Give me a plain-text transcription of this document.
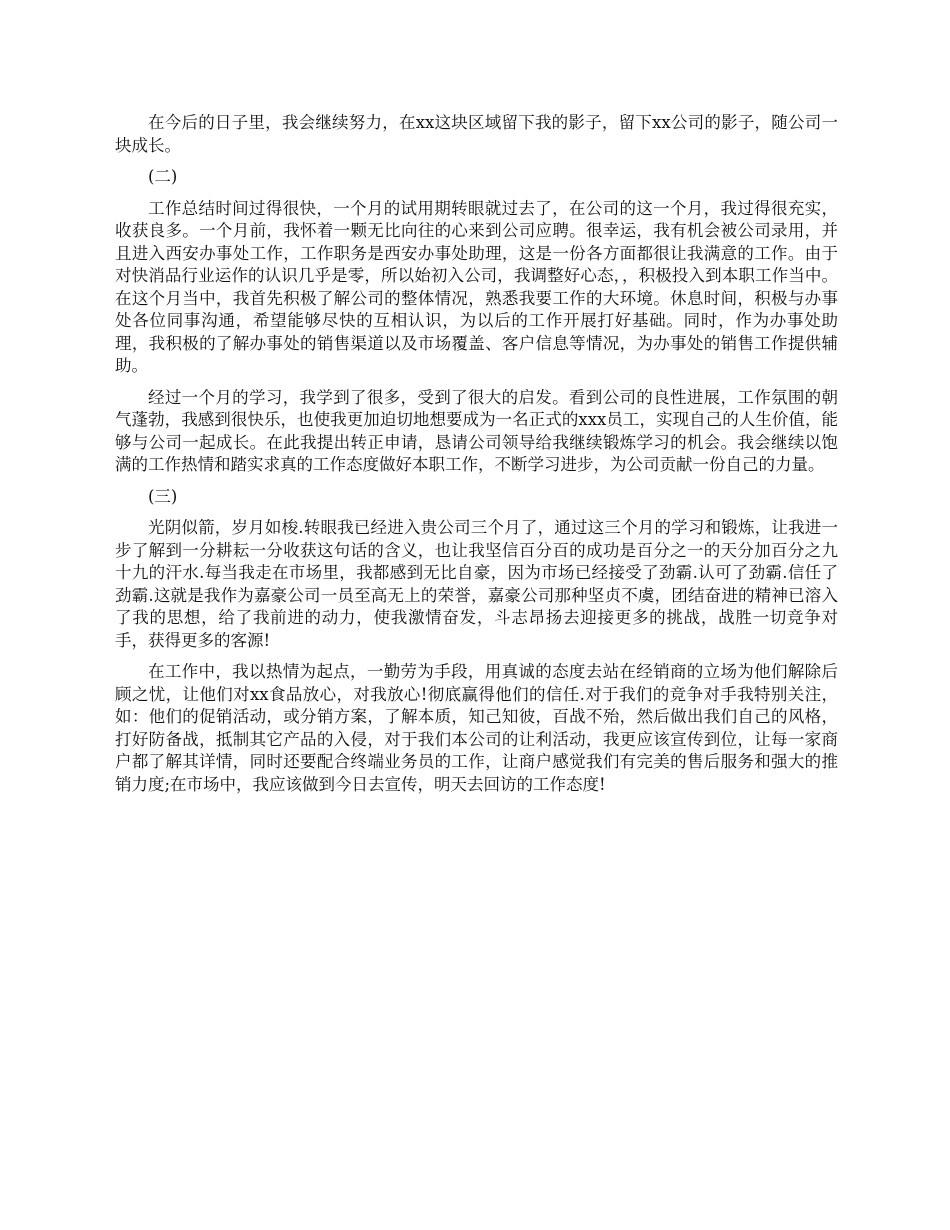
在今后的日子里，我会继续努力，在xx这块区域留下我的影子，留下xx公司的影子，随公司一块成长。

(二)

工作总结时间过得很快，一个月的试用期转眼就过去了，在公司的这一个月，我过得很充实，收获良多。一个月前，我怀着一颗无比向往的心来到公司应聘。很幸运，我有机会被公司录用，并且进入西安办事处工作，工作职务是西安办事处助理，这是一份各方面都很让我满意的工作。由于对快消品行业运作的认识几乎是零，所以始初入公司，我调整好心态，，积极投入到本职工作当中。在这个月当中，我首先积极了解公司的整体情况，熟悉我要工作的大环境。休息时间，积极与办事处各位同事沟通，希望能够尽快的互相认识，为以后的工作开展打好基础。同时，作为办事处助理，我积极的了解办事处的销售渠道以及市场覆盖、客户信息等情况，为办事处的销售工作提供辅助。

经过一个月的学习，我学到了很多，受到了很大的启发。看到公司的良性进展，工作氛围的朝气蓬勃，我感到很快乐，也使我更加迫切地想要成为一名正式的xxx员工，实现自己的人生价值，能够与公司一起成长。在此我提出转正申请，恳请公司领导给我继续锻炼学习的机会。我会继续以饱满的工作热情和踏实求真的工作态度做好本职工作，不断学习进步，为公司贡献一份自己的力量。

(三)

光阴似箭，岁月如梭.转眼我已经进入贵公司三个月了，通过这三个月的学习和锻炼，让我进一步了解到一分耕耘一分收获这句话的含义，也让我坚信百分百的成功是百分之一的天分加百分之九十九的汗水.每当我走在市场里，我都感到无比自豪，因为市场已经接受了劲霸.认可了劲霸.信任了劲霸.这就是我作为嘉豪公司一员至高无上的荣誉，嘉豪公司那种坚贞不虞，团结奋进的精神已溶入了我的思想，给了我前进的动力，使我激情奋发，斗志昂扬去迎接更多的挑战，战胜一切竞争对手，获得更多的客源!

在工作中，我以热情为起点，一勤劳为手段，用真诚的态度去站在经销商的立场为他们解除后顾之忧，让他们对xx食品放心，对我放心!彻底赢得他们的信任.对于我们的竞争对手我特别关注，如：他们的促销活动，或分销方案，了解本质，知己知彼，百战不殆，然后做出我们自己的风格，打好防备战，抵制其它产品的入侵，对于我们本公司的让利活动，我更应该宣传到位，让每一家商户都了解其详情，同时还要配合终端业务员的工作，让商户感觉我们有完美的售后服务和强大的推销力度;在市场中，我应该做到今日去宣传，明天去回访的工作态度!
